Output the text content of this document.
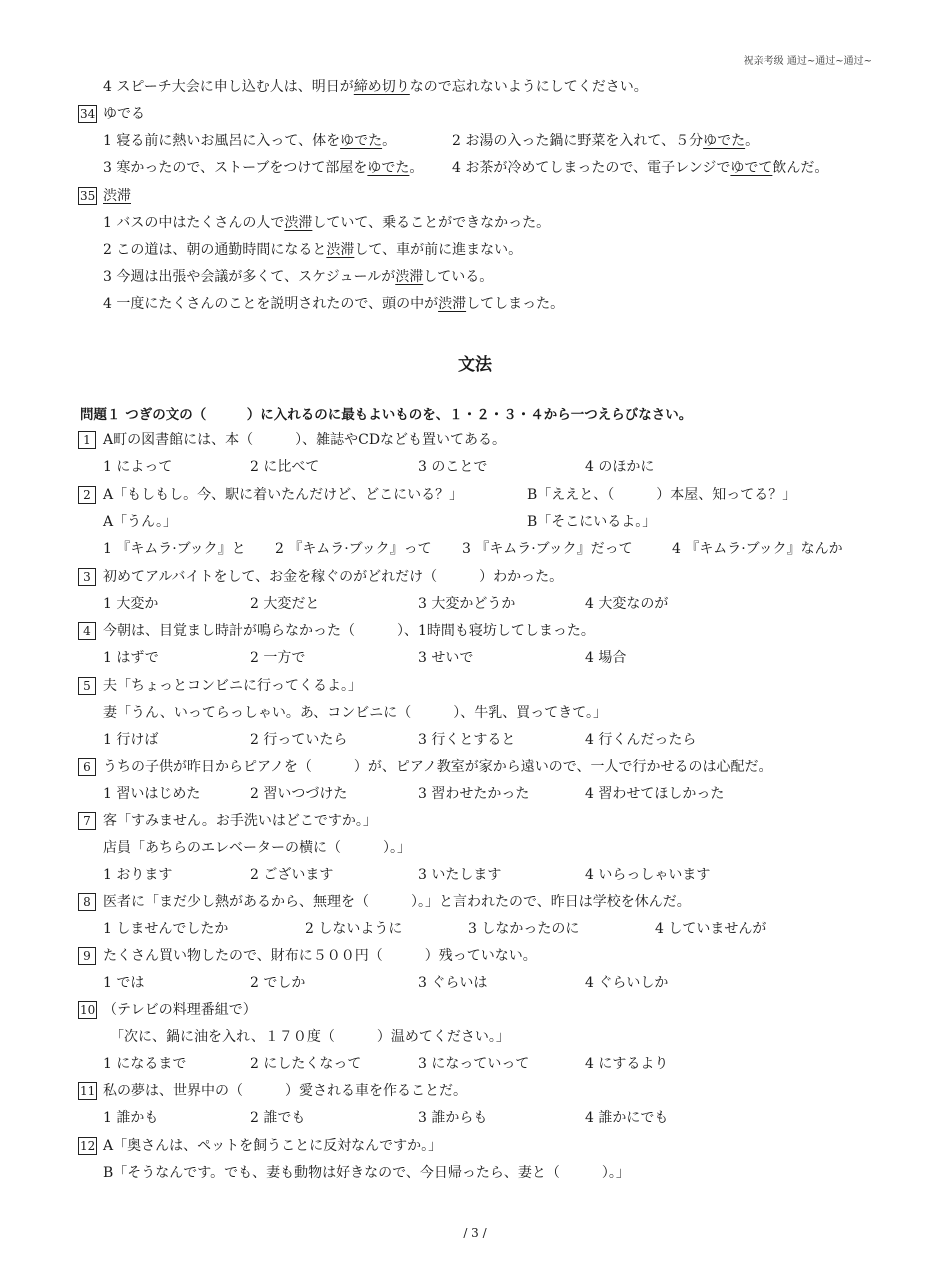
祝亲考级 通过~通过~通过~
4 スピーチ大会に申し込む人は、明日が締め切りなので忘れないようにしてください。
34 ゆでる
1 寝る前に熱いお風呂に入って、体をゆでた。	2 お湯の入った鍋に野菜を入れて、５分ゆでた。
3 寒かったので、ストーブをつけて部屋をゆでた。 4 お茶が冷めてしまったので、電子レンジでゆでて飲んだ。
35 渋滞
1 バスの中はたくさんの人で渋滞していて、乗ることができなかった。
2 この道は、朝の通勤時間になると渋滞して、車が前に進まない。
3 今週は出張や会議が多くて、スケジュールが渋滞している。
4 一度にたくさんのことを説明されたので、頭の中が渋滞してしまった。
文法
問題１ つぎの文の（　　　）に入れるのに最もよいものを、１・２・３・４から一つえらびなさい。
1 A町の図書館には、本（　　　）、雑誌やCDなども置いてある。
1 によって	2 に比べて	3 のことで	4 のほかに
2 A「もしもし。今、駅に着いたんだけど、どこにいる？」	B「ええと、（　　　）本屋、知ってる？」
A「うん。」	B「そこにいるよ。」
1 『キムラ·ブック』と 2 『キムラ·ブック』って 3 『キムラ·ブック』だって	4 『キムラ·ブック』なんか
3 初めてアルバイトをして、お金を稼ぐのがどれだけ（　　　）わかった。
1 大変か	2 大変だと	3 大変かどうか	4 大変なのが
4 今朝は、目覚まし時計が鳴らなかった（　　　）、1時間も寝坊してしまった。
1 はずで	2 一方で	3 せいで	4 場合
5 夫「ちょっとコンビニに行ってくるよ。」
妻「うん、いってらっしゃい。あ、コンビニに（　　　）、牛乳、買ってきて。」
1 行けば	2 行っていたら	3 行くとすると	4 行くんだったら
6 うちの子供が昨日からピアノを（　　　）が、ピアノ教室が家から遠いので、一人で行かせるのは心配だ。
1 習いはじめた	2 習いつづけた	3 習わせたかった	4 習わせてほしかった
7 客「すみません。お手洗いはどこですか。」
店員「あちらのエレベーターの横に（　　　）。」
1 おります	2 ございます	3 いたします	4 いらっしゃいます
8 医者に「まだ少し熱があるから、無理を（　　　）。」と言われたので、昨日は学校を休んだ。
1 しませんでしたか	2 しないように	3 しなかったのに	4 していませんが
9 たくさん買い物したので、財布に５００円（　　　）残っていない。
1 では	2 でしか	3 ぐらいは	4 ぐらいしか
10 （テレビの料理番組で）
「次に、鍋に油を入れ、１７０度（　　　）温めてください。」
1 になるまで	2 にしたくなって	3 になっていって	4 にするより
11 私の夢は、世界中の（　　　）愛される車を作ることだ。
1 誰かも	2 誰でも	3 誰からも	4 誰かにでも
12 A「奥さんは、ペットを飼うことに反対なんですか。」
B「そうなんです。でも、妻も動物は好きなので、今日帰ったら、妻と（　　　）。」
/ 3 /
